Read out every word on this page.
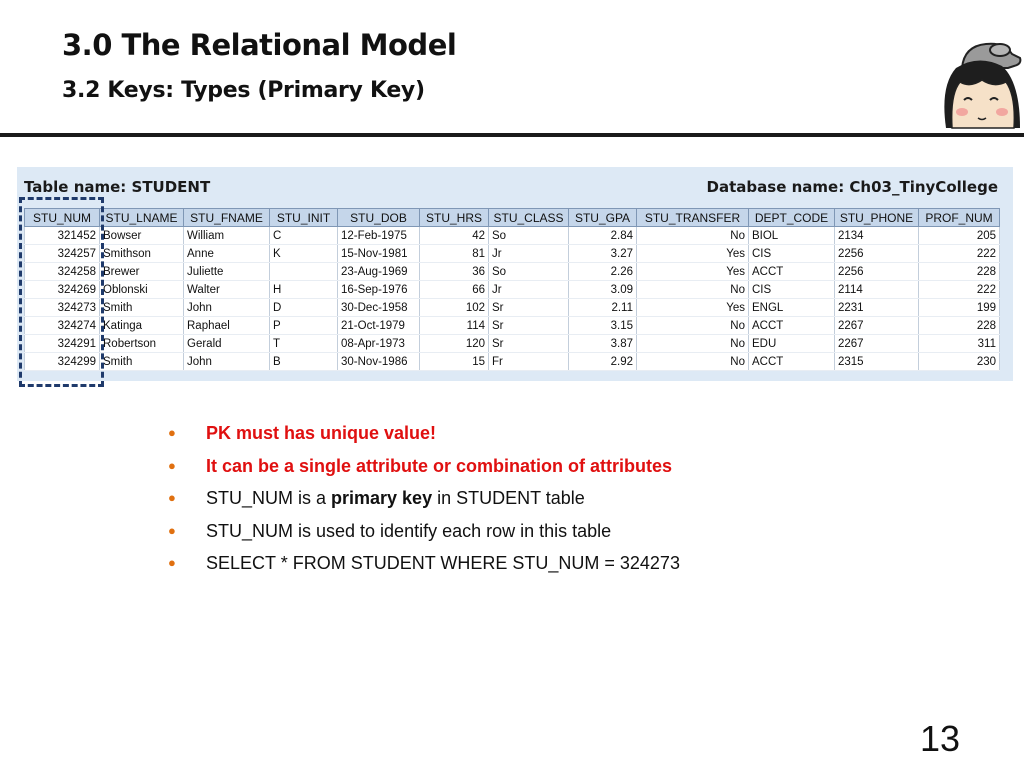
3.0 The Relational Model
3.2 Keys: Types (Primary Key)
Table name: STUDENT	Database name: Ch03_TinyCollege
STU_NUM	STU_LNAME	STU_FNAME	STU_INIT	STU_DOB	STU_HRS	STU_CLASS	STU_GPA	STU_TRANSFER	DEPT_CODE	STU_PHONE	PROF_NUM
321452	Bowser	William	C	12-Feb-1975	42	So	2.84	No	BIOL	2134	205
324257	Smithson	Anne	K	15-Nov-1981	81	Jr	3.27	Yes	CIS	2256	222
324258	Brewer	Juliette		23-Aug-1969	36	So	2.26	Yes	ACCT	2256	228
324269	Oblonski	Walter	H	16-Sep-1976	66	Jr	3.09	No	CIS	2114	222
324273	Smith	John	D	30-Dec-1958	102	Sr	2.11	Yes	ENGL	2231	199
324274	Katinga	Raphael	P	21-Oct-1979	114	Sr	3.15	No	ACCT	2267	228
324291	Robertson	Gerald	T	08-Apr-1973	120	Sr	3.87	No	EDU	2267	311
324299	Smith	John	B	30-Nov-1986	15	Fr	2.92	No	ACCT	2315	230
● PK must has unique value!
● It can be a single attribute or combination of attributes
● STU_NUM is a primary key in STUDENT table
● STU_NUM is used to identify each row in this table
● SELECT * FROM STUDENT WHERE STU_NUM = 324273
13
